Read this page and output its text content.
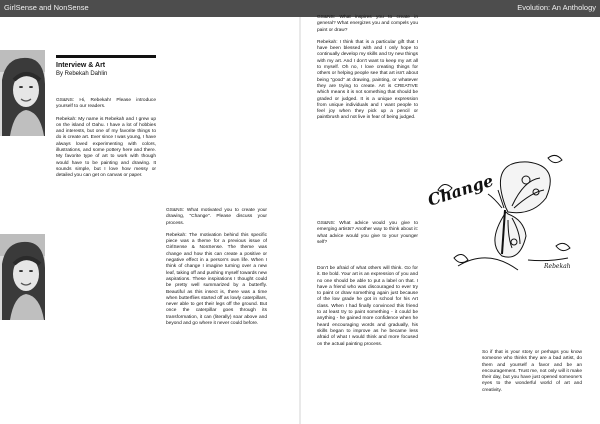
GirlSense and NonSense	Evolution: An Anthology
Interview & Art
By Rebekah Dahlin

GS&NS: Hi, Rebekah! Please introduce yourself to our readers.

Rebekah: My name is Rebekah and I grew up on the island of Oahu. I have a lot of hobbies and interests, but one of my favorite things to do is create art. Ever since I was young, I have always loved experimenting with colors, illustrations, and some pottery here and there. My favorite type of art to work with though would have to be painting and drawing. It sounds simple, but I love how messy or detailed you can get on canvas or paper.

GS&NS: What motivated you to create your drawing, "Change". Please discuss your process.

Rebekah: The motivation behind this specific piece was a theme for a previous issue of GirlSense & NonSense. The theme was change and how this can create a positive or negative effect in a person's own life. When I think of change I imagine turning over a new leaf, taking off and pushing myself towards new aspirations. These inspirations I thought could be pretty well summarized by a butterfly. Beautiful as this insect is, there was a time when butterflies started off as lowly caterpillars, never able to get their legs off the ground. But once the caterpillar goes through its transformation, it can (literally) soar above and beyond and go where it never could before.

GS&NS: What inspires you to create in general? What energizes you and compels you paint or draw?

Rebekah: I think that is a particular gift that I have been blessed with and I only hope to continually develop my skills and try new things with my art. And I don't want to keep my art all to myself. Oh no, I love creating things for others or helping people see that art isn't about being "good" at drawing, painting, or whatever they are trying to create. Art is CREATIVE which means it is not something that should be graded or judged. It is a unique expression from unique individuals and I want people to feel joy when they pick up a pencil or paintbrush and not live in fear of being judged.

GS&NS: What advice would you give to emerging artists? Another way to think about it: what advice would you give to your younger self?

Don't be afraid of what others will think. Go for it. Be bold. Your art is an expression of you and no one should be able to put a label on that. I have a friend who was discouraged to ever try to paint or draw something again just because of the low grade he got in school for his Art class. When I had finally convinced this friend to at least try to paint something - it could be anything - he gained more confidence when he heard encouraging words and gradually, his skills began to improve as he became less afraid of what I would think and more focused on the actual painting process.

So if that is your story or perhaps you know someone who thinks they are a bad artist, do them and yourself a favor and be an encouragement. Trust me, not only will it make their day, but you have just opened someone's eyes to the wonderful world of art and creativity.

Change
Rebekah
